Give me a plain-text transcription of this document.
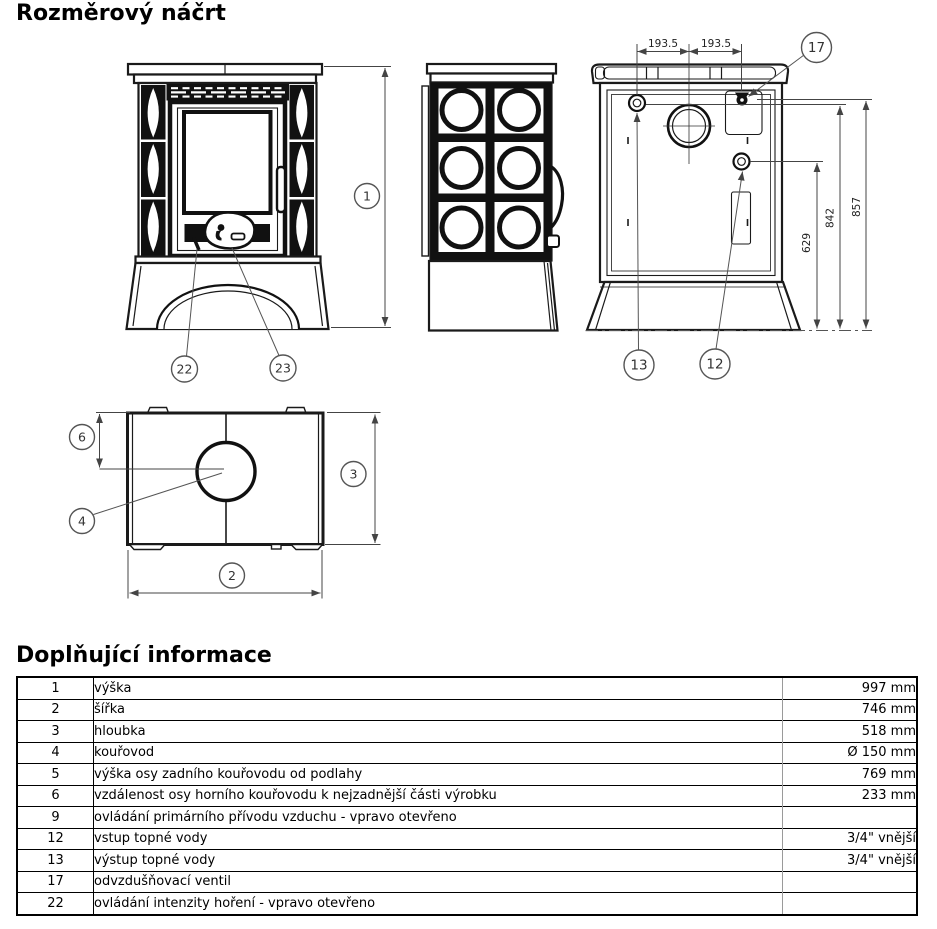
Rozměrový náčrt
1
22	23
193.5 193.5
629
842
857
17
13	12
6
4
3
2
Doplňující informace
1	výška	997 mm
2	šířka	746 mm
3	hloubka	518 mm
4	kouřovod	Ø 150 mm
5	výška osy zadního kouřovodu od podlahy	769 mm
6	vzdálenost osy horního kouřovodu k nejzadnější části výrobku	233 mm
9	ovládání primárního přívodu vzduchu - vpravo otevřeno	
12	vstup topné vody	3/4" vnější
13	výstup topné vody	3/4" vnější
17	odvzdušňovací ventil	
22	ovládání intenzity hoření - vpravo otevřeno	
